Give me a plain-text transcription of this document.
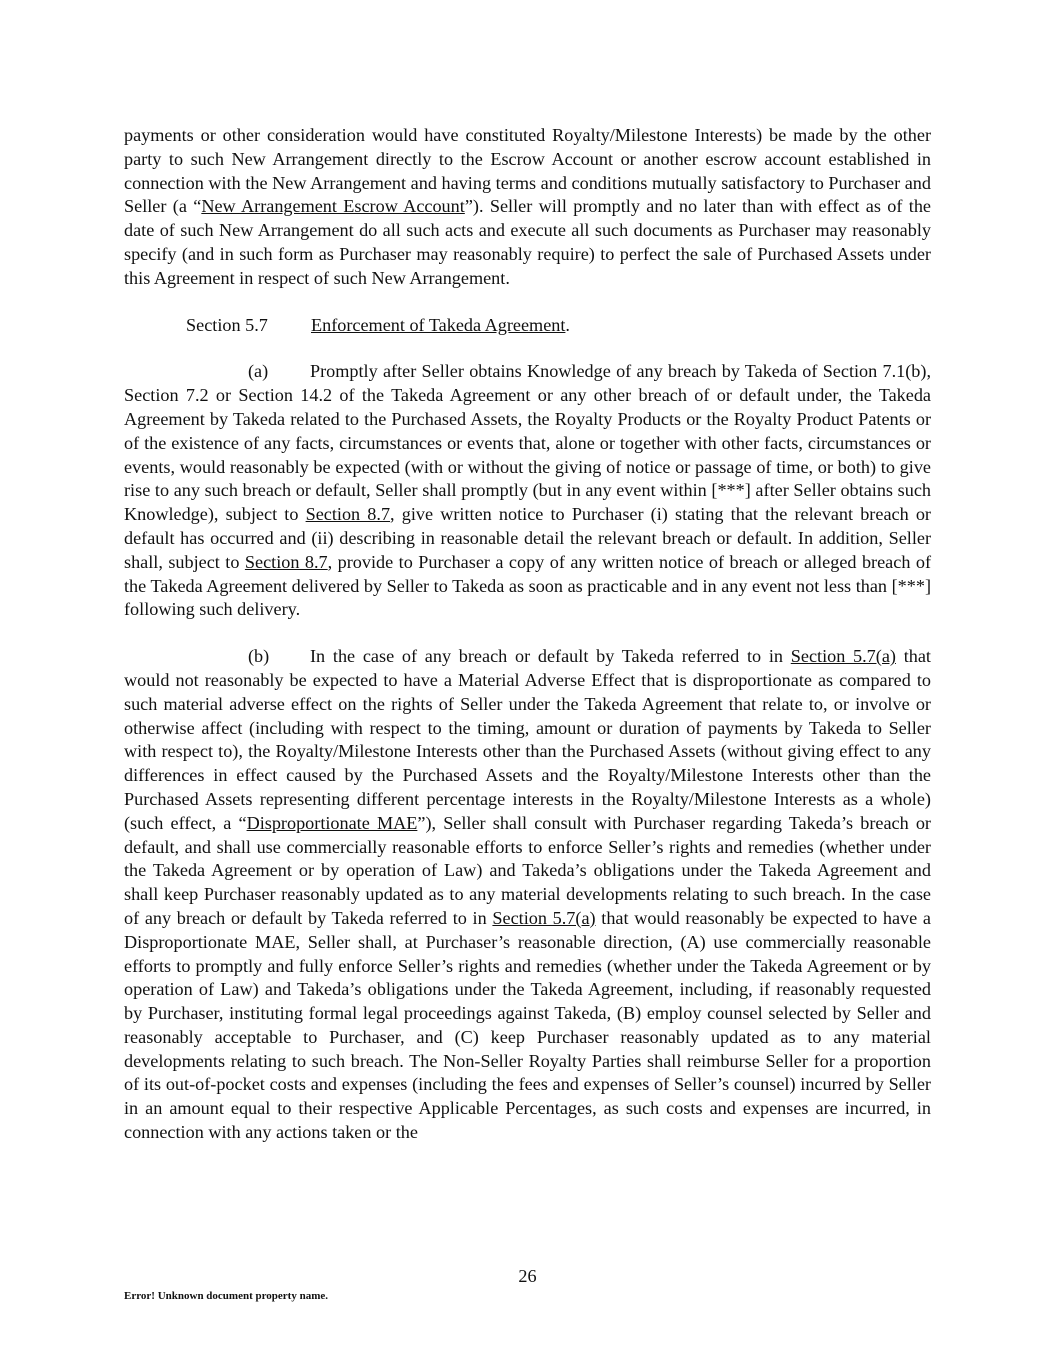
payments or other consideration would have constituted Royalty/Milestone Interests) be made by the other party to such New Arrangement directly to the Escrow Account or another escrow account established in connection with the New Arrangement and having terms and conditions mutually satisfactory to Purchaser and Seller (a “New Arrangement Escrow Account”). Seller will promptly and no later than with effect as of the date of such New Arrangement do all such acts and execute all such documents as Purchaser may reasonably specify (and in such form as Purchaser may reasonably require) to perfect the sale of Purchased Assets under this Agreement in respect of such New Arrangement.

Section 5.7 Enforcement of Takeda Agreement.

(a) Promptly after Seller obtains Knowledge of any breach by Takeda of Section 7.1(b), Section 7.2 or Section 14.2 of the Takeda Agreement or any other breach of or default under, the Takeda Agreement by Takeda related to the Purchased Assets, the Royalty Products or the Royalty Product Patents or of the existence of any facts, circumstances or events that, alone or together with other facts, circumstances or events, would reasonably be expected (with or without the giving of notice or passage of time, or both) to give rise to any such breach or default, Seller shall promptly (but in any event within [***] after Seller obtains such Knowledge), subject to Section 8.7, give written notice to Purchaser (i) stating that the relevant breach or default has occurred and (ii) describing in reasonable detail the relevant breach or default. In addition, Seller shall, subject to Section 8.7, provide to Purchaser a copy of any written notice of breach or alleged breach of the Takeda Agreement delivered by Seller to Takeda as soon as practicable and in any event not less than [***] following such delivery.

(b) In the case of any breach or default by Takeda referred to in Section 5.7(a) that would not reasonably be expected to have a Material Adverse Effect that is disproportionate as compared to such material adverse effect on the rights of Seller under the Takeda Agreement that relate to, or involve or otherwise affect (including with respect to the timing, amount or duration of payments by Takeda to Seller with respect to), the Royalty/Milestone Interests other than the Purchased Assets (without giving effect to any differences in effect caused by the Purchased Assets and the Royalty/Milestone Interests other than the Purchased Assets representing different percentage interests in the Royalty/Milestone Interests as a whole) (such effect, a “Disproportionate MAE”), Seller shall consult with Purchaser regarding Takeda’s breach or default, and shall use commercially reasonable efforts to enforce Seller’s rights and remedies (whether under the Takeda Agreement or by operation of Law) and Takeda’s obligations under the Takeda Agreement and shall keep Purchaser reasonably updated as to any material developments relating to such breach. In the case of any breach or default by Takeda referred to in Section 5.7(a) that would reasonably be expected to have a Disproportionate MAE, Seller shall, at Purchaser’s reasonable direction, (A) use commercially reasonable efforts to promptly and fully enforce Seller’s rights and remedies (whether under the Takeda Agreement or by operation of Law) and Takeda’s obligations under the Takeda Agreement, including, if reasonably requested by Purchaser, instituting formal legal proceedings against Takeda, (B) employ counsel selected by Seller and reasonably acceptable to Purchaser, and (C) keep Purchaser reasonably updated as to any material developments relating to such breach. The Non-Seller Royalty Parties shall reimburse Seller for a proportion of its out-of-pocket costs and expenses (including the fees and expenses of Seller’s counsel) incurred by Seller in an amount equal to their respective Applicable Percentages, as such costs and expenses are incurred, in connection with any actions taken or the

26
Error! Unknown document property name.
